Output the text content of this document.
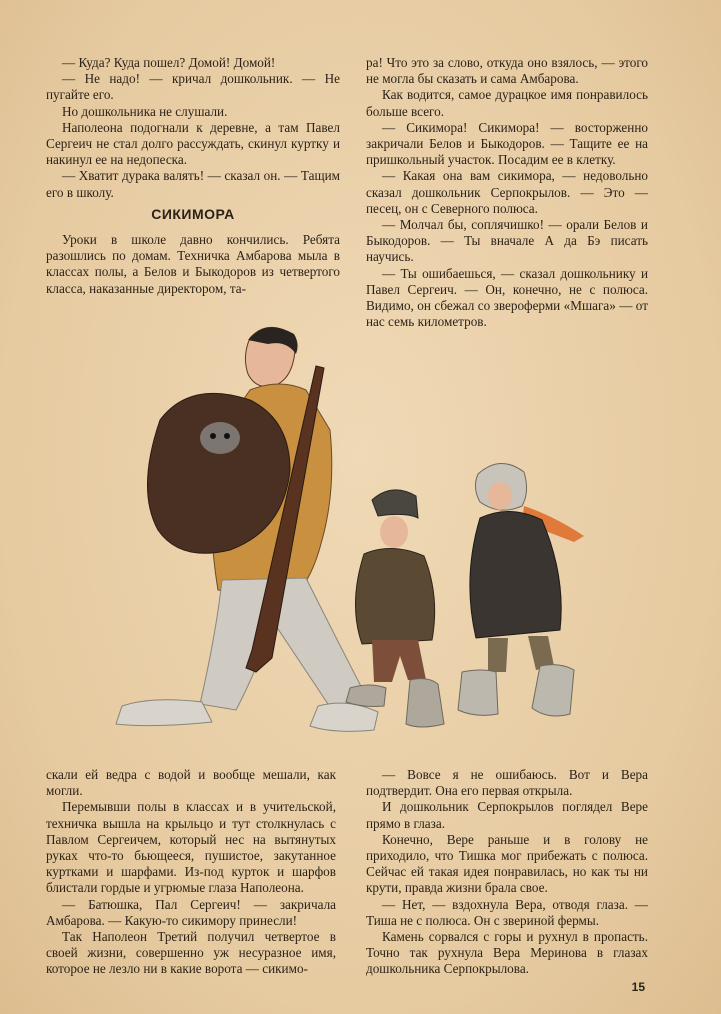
— Куда? Куда пошел? Домой! Домой!

— Не надо! — кричал дошкольник. — Не пугайте его.

Но дошкольника не слушали.

Наполеона подогнали к деревне, а там Павел Сергеич не стал долго рассуждать, скинул куртку и накинул ее на недопеска.

— Хватит дурака валять! — сказал он. — Тащим его в школу.

СИКИМОРА

Уроки в школе давно кончились. Ребята разошлись по домам. Техничка Амбарова мыла в классах полы, а Белов и Быкодоров из четвертого класса, наказанные директором, та-

ра! Что это за слово, откуда оно взялось, — этого не могла бы сказать и сама Амбарова.

Как водится, самое дурацкое имя понравилось больше всего.

— Сикимора! Сикимора! — восторженно закричали Белов и Быкодоров. — Тащите ее на пришкольный участок. Посадим ее в клетку.

— Какая она вам сикимора, — недовольно сказал дошкольник Серпокрылов. — Это — песец, он с Северного полюса.

— Молчал бы, соплячишко! — орали Белов и Быкодоров. — Ты вначале А да Бэ писать научись.

— Ты ошибаешься, — сказал дошкольнику и Павел Сергеич. — Он, конечно, не с полюса. Видимо, он сбежал со звероферми «Мшага» — от нас семь километров.

скали ей ведра с водой и вообще мешали, как могли.

Перемывши полы в классах и в учительской, техничка вышла на крыльцо и тут столкнулась с Павлом Сергеичем, который нес на вытянутых руках что-то бьющееся, пушистое, закутанное куртками и шарфами. Из-под курток и шарфов блистали гордые и угрюмые глаза Наполеона.

— Батюшка, Пал Сергеич! — закричала Амбарова. — Какую-то сикимору принесли!

Так Наполеон Третий получил четвертое в своей жизни, совершенно уж несуразное имя, которое не лезло ни в какие ворота — сикимо-

— Вовсе я не ошибаюсь. Вот и Вера подтвердит. Она его первая открыла.

И дошкольник Серпокрылов поглядел Вере прямо в глаза.

Конечно, Вере раньше и в голову не приходило, что Тишка мог прибежать с полюса. Сейчас ей такая идея понравилась, но как ты ни крути, правда жизни брала свое.

— Нет, — вздохнула Вера, отводя глаза. — Тиша не с полюса. Он с звериной фермы.

Камень сорвался с горы и рухнул в пропасть. Точно так рухнула Вера Меринова в глазах дошкольника Серпокрылова.

15
